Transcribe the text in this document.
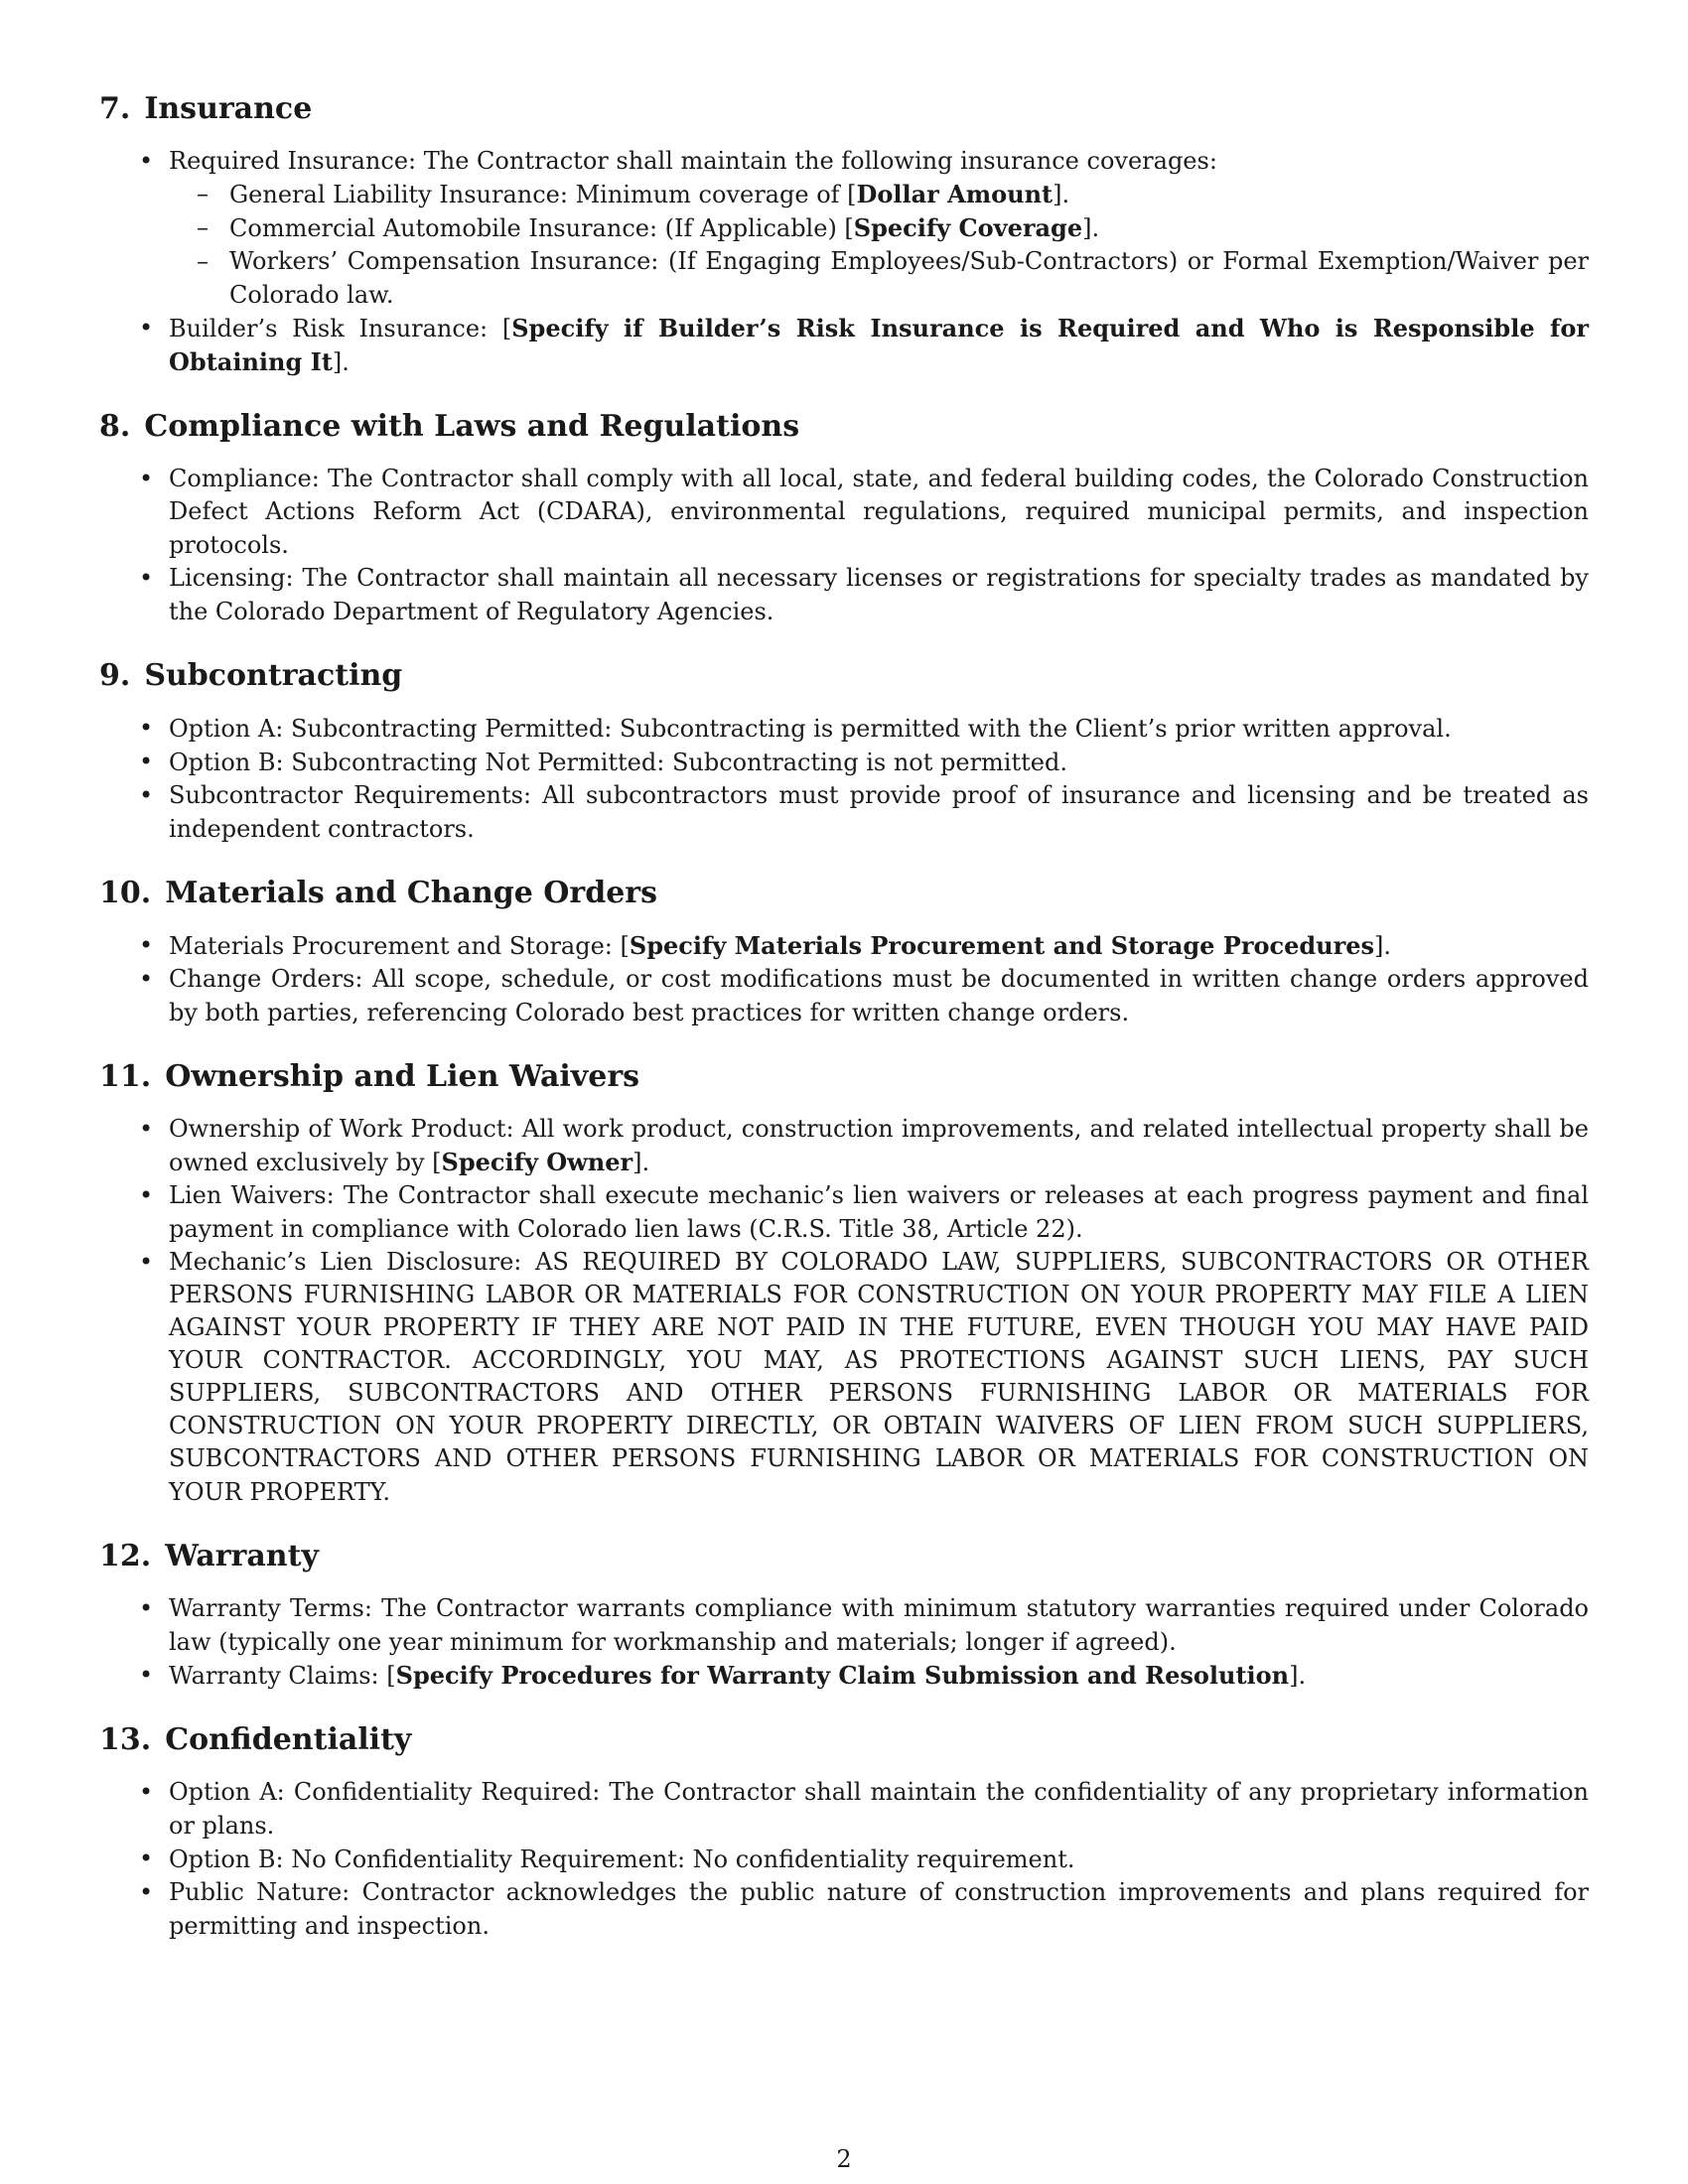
7. Insurance
• Required Insurance: The Contractor shall maintain the following insurance coverages:
– General Liability Insurance: Minimum coverage of [Dollar Amount].
– Commercial Automobile Insurance: (If Applicable) [Specify Coverage].
– Workers’ Compensation Insurance: (If Engaging Employees/Sub-Contractors) or Formal Exemption/Waiver per Colorado law.
• Builder’s Risk Insurance: [Specify if Builder’s Risk Insurance is Required and Who is Responsible for Obtaining It].
8. Compliance with Laws and Regulations
• Compliance: The Contractor shall comply with all local, state, and federal building codes, the Colorado Construction Defect Actions Reform Act (CDARA), environmental regulations, required municipal permits, and inspection protocols.
• Licensing: The Contractor shall maintain all necessary licenses or registrations for specialty trades as mandated by the Colorado Department of Regulatory Agencies.
9. Subcontracting
• Option A: Subcontracting Permitted: Subcontracting is permitted with the Client’s prior written approval.
• Option B: Subcontracting Not Permitted: Subcontracting is not permitted.
• Subcontractor Requirements: All subcontractors must provide proof of insurance and licensing and be treated as independent contractors.
10. Materials and Change Orders
• Materials Procurement and Storage: [Specify Materials Procurement and Storage Procedures].
• Change Orders: All scope, schedule, or cost modifications must be documented in written change orders approved by both parties, referencing Colorado best practices for written change orders.
11. Ownership and Lien Waivers
• Ownership of Work Product: All work product, construction improvements, and related intellectual property shall be owned exclusively by [Specify Owner].
• Lien Waivers: The Contractor shall execute mechanic’s lien waivers or releases at each progress payment and final payment in compliance with Colorado lien laws (C.R.S. Title 38, Article 22).
• Mechanic’s Lien Disclosure: AS REQUIRED BY COLORADO LAW, SUPPLIERS, SUBCONTRACTORS OR OTHER PERSONS FURNISHING LABOR OR MATERIALS FOR CONSTRUCTION ON YOUR PROPERTY MAY FILE A LIEN AGAINST YOUR PROPERTY IF THEY ARE NOT PAID IN THE FUTURE, EVEN THOUGH YOU MAY HAVE PAID YOUR CONTRACTOR. ACCORDINGLY, YOU MAY, AS PROTECTIONS AGAINST SUCH LIENS, PAY SUCH SUPPLIERS, SUBCONTRACTORS AND OTHER PERSONS FURNISHING LABOR OR MATERIALS FOR CONSTRUCTION ON YOUR PROPERTY DIRECTLY, OR OBTAIN WAIVERS OF LIEN FROM SUCH SUPPLIERS, SUBCONTRACTORS AND OTHER PERSONS FURNISHING LABOR OR MATERIALS FOR CONSTRUCTION ON YOUR PROPERTY.
12. Warranty
• Warranty Terms: The Contractor warrants compliance with minimum statutory warranties required under Colorado law (typically one year minimum for workmanship and materials; longer if agreed).
• Warranty Claims: [Specify Procedures for Warranty Claim Submission and Resolution].
13. Confidentiality
• Option A: Confidentiality Required: The Contractor shall maintain the confidentiality of any proprietary information or plans.
• Option B: No Confidentiality Requirement: No confidentiality requirement.
• Public Nature: Contractor acknowledges the public nature of construction improvements and plans required for permitting and inspection.
2
